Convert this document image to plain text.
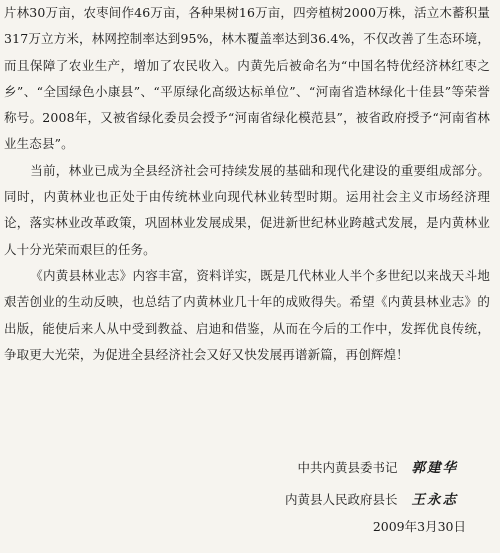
片林30万亩，农枣间作46万亩，各种果树16万亩，四旁植树2000万株，活立木蓄积量317万立方米，林网控制率达到95%，林木覆盖率达到36.4%，不仅改善了生态环境，而且保障了农业生产，增加了农民收入。内黄先后被命名为“中国名特优经济林红枣之乡”、“全国绿色小康县”、“平原绿化高级达标单位”、“河南省造林绿化十佳县”等荣誉称号。2008年，又被省绿化委员会授予“河南省绿化模范县”，被省政府授予“河南省林业生态县”。

当前，林业已成为全县经济社会可持续发展的基础和现代化建设的重要组成部分。同时，内黄林业也正处于由传统林业向现代林业转型时期。运用社会主义市场经济理论，落实林业改革政策，巩固林业发展成果，促进新世纪林业跨越式发展，是内黄林业人十分光荣而艰巨的任务。

《内黄县林业志》内容丰富，资料详实，既是几代林业人半个多世纪以来战天斗地艰苦创业的生动反映，也总结了内黄林业几十年的成败得失。希望《内黄县林业志》的出版，能使后来人从中受到教益、启迪和借鉴，从而在今后的工作中，发挥优良传统，争取更大光荣，为促进全县经济社会又好又快发展再谱新篇，再创辉煌！

中共内黄县委书记 郭建华
内黄县人民政府县长 王永志
2009年3月30日
